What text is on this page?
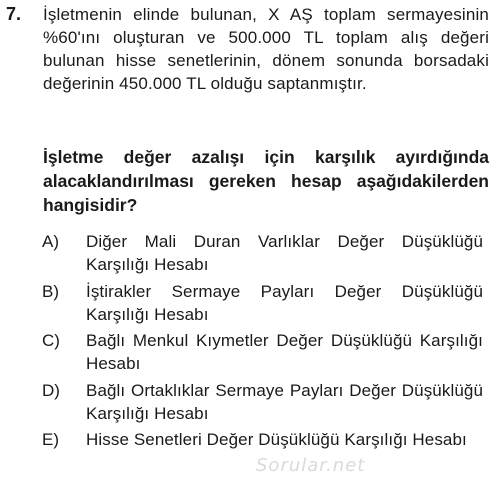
7. İşletmenin elinde bulunan, X AŞ toplam sermayesinin %60'ını oluşturan ve 500.000 TL toplam alış değeri bulunan hisse senetlerinin, dönem sonunda borsadaki değerinin 450.000 TL olduğu saptanmıştır.
İşletme değer azalışı için karşılık ayırdığında alacaklandırılması gereken hesap aşağıdakilerden hangisidir?
A)	Diğer Mali Duran Varlıklar Değer Düşüklüğü Karşılığı Hesabı
B)	İştirakler Sermaye Payları Değer Düşüklüğü Karşılığı Hesabı
C)	Bağlı Menkul Kıymetler Değer Düşüklüğü Karşılığı Hesabı
D)	Bağlı Ortaklıklar Sermaye Payları Değer Düşüklüğü Karşılığı Hesabı
E)	Hisse Senetleri Değer Düşüklüğü Karşılığı Hesabı
Sorular.net
